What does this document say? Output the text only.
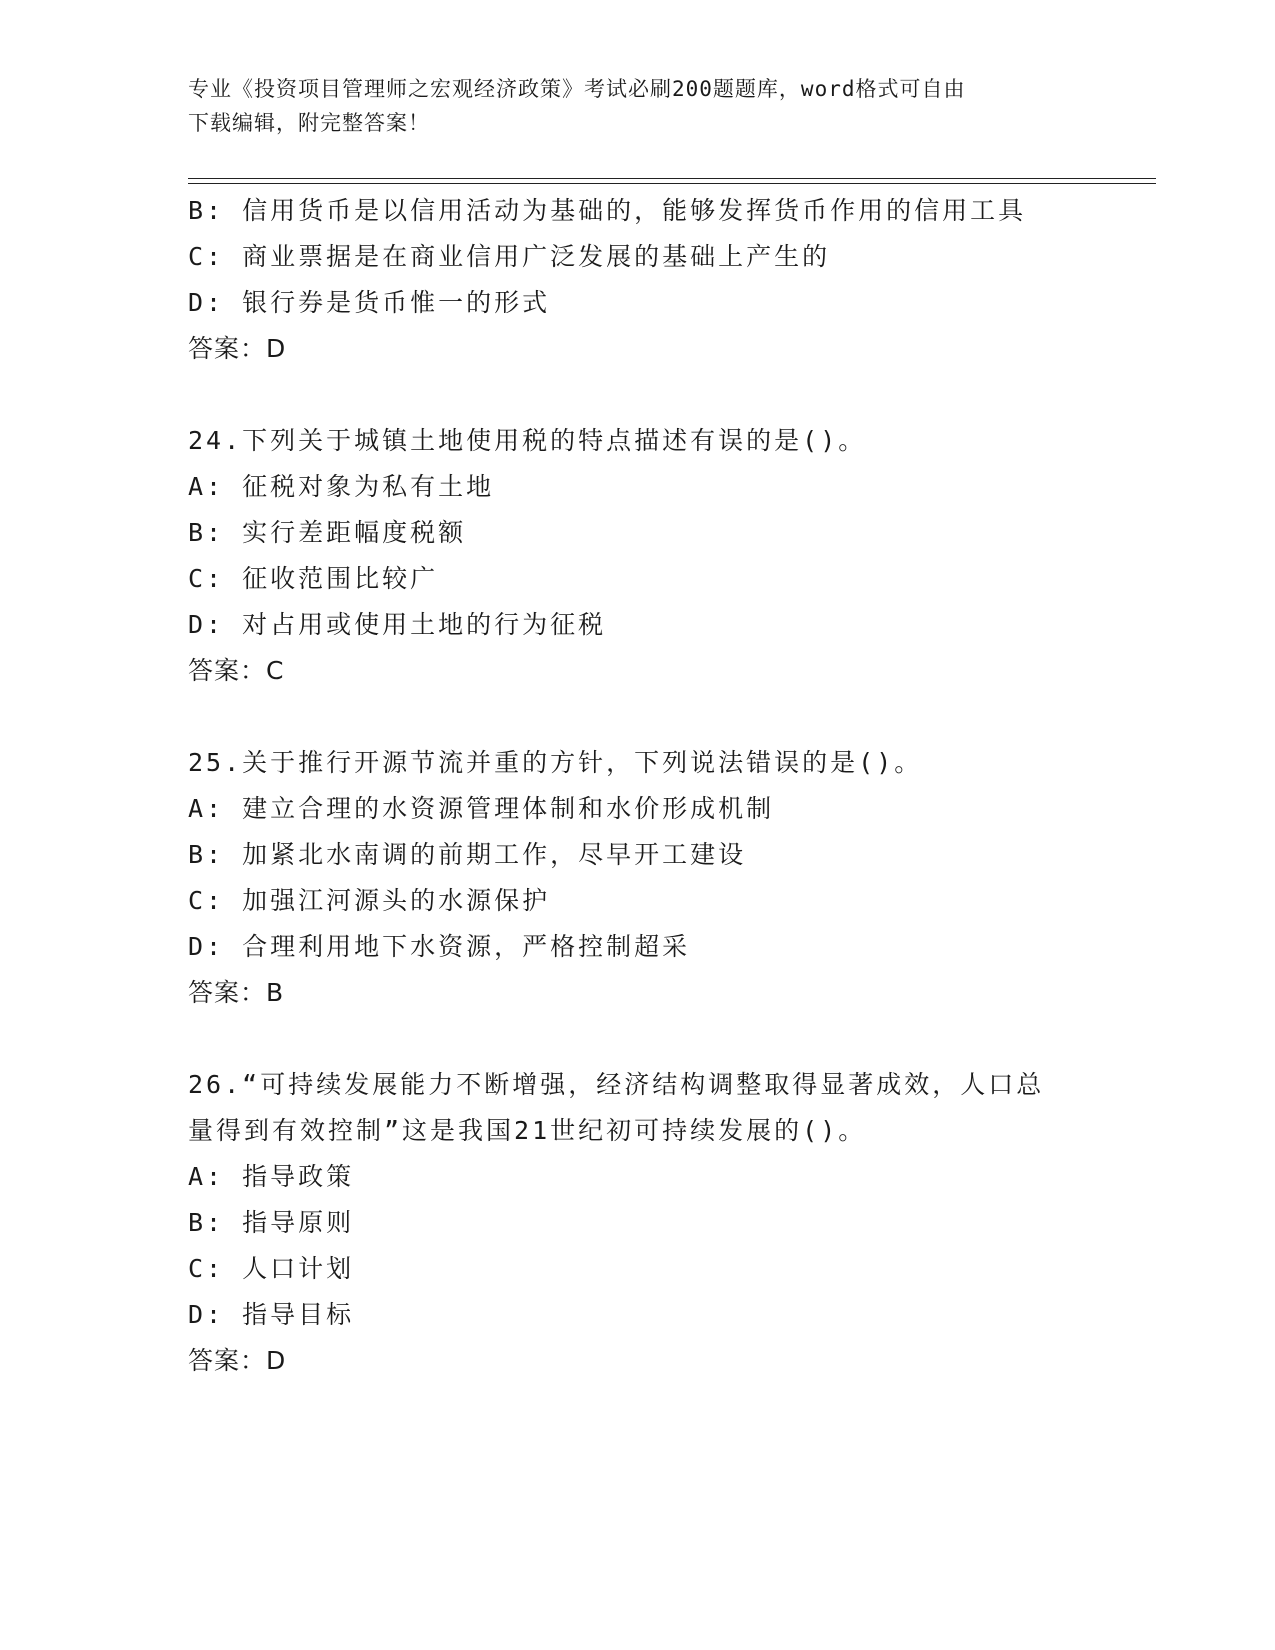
专业《投资项目管理师之宏观经济政策》考试必刷200题题库，word格式可自由
下载编辑，附完整答案！
B: 信用货币是以信用活动为基础的，能够发挥货币作用的信用工具
C: 商业票据是在商业信用广泛发展的基础上产生的
D: 银行券是货币惟一的形式
答案：D
24.下列关于城镇土地使用税的特点描述有误的是()。
A: 征税对象为私有土地
B: 实行差距幅度税额
C: 征收范围比较广
D: 对占用或使用土地的行为征税
答案：C
25.关于推行开源节流并重的方针，下列说法错误的是()。
A: 建立合理的水资源管理体制和水价形成机制
B: 加紧北水南调的前期工作，尽早开工建设
C: 加强江河源头的水源保护
D: 合理利用地下水资源，严格控制超采
答案：B
26.“可持续发展能力不断增强，经济结构调整取得显著成效，人口总
量得到有效控制”这是我国21世纪初可持续发展的()。
A: 指导政策
B: 指导原则
C: 人口计划
D: 指导目标
答案：D
